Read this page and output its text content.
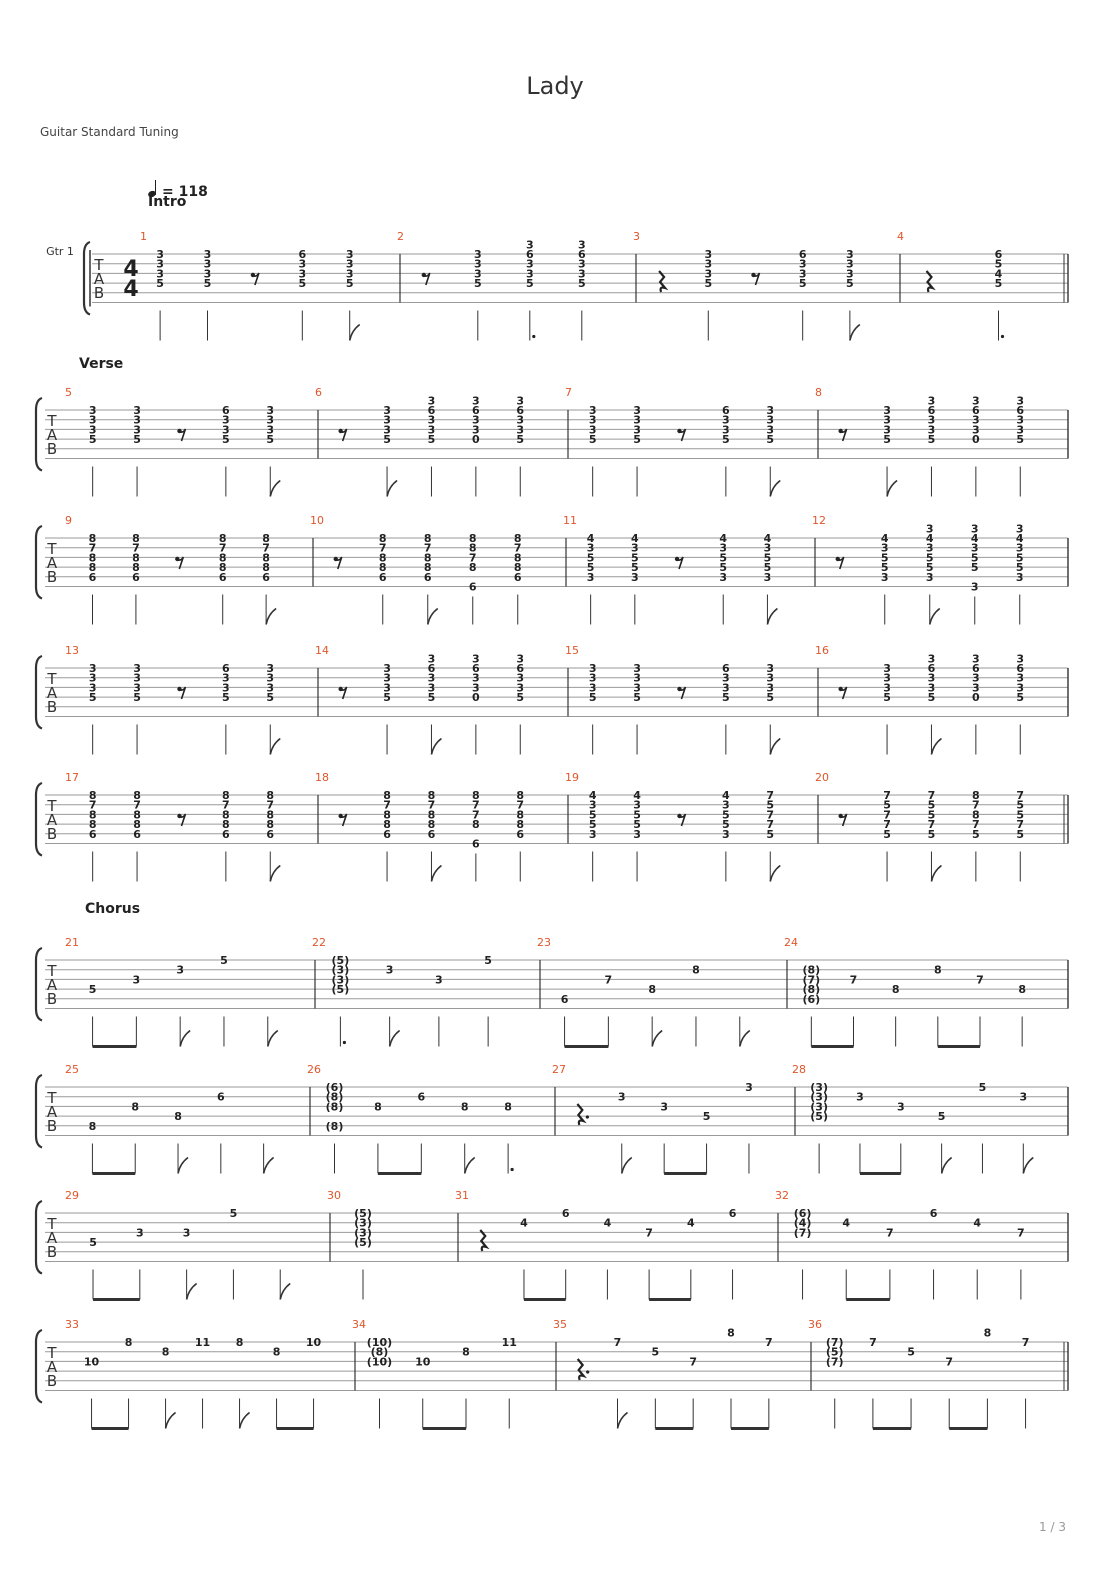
Lady
Guitar Standard Tuning
= 118
1 / 3
Intro
Verse
Chorus
Gtr 1
T
A
B
4
4
1
3
3
3
5
3
3
3
5
6
3
3
5
3
3
3
5
2
3
3
3
5
3
6
3
3
5
3
6
3
3
5
3
3
3
3
5
6
3
3
5
3
3
3
5
4
6
5
4
5
T
A
B
5
3
3
3
5
3
3
3
5
6
3
3
5
3
3
3
5
6
3
3
3
5
3
6
3
3
5
3
6
3
3
0
3
6
3
3
5
7
3
3
3
5
3
3
3
5
6
3
3
5
3
3
3
5
8
3
3
3
5
3
6
3
3
5
3
6
3
3
0
3
6
3
3
5
T
A
B
9
8
7
8
8
6
8
7
8
8
6
8
7
8
8
6
8
7
8
8
6
10
8
7
8
8
6
8
7
8
8
6
8
8
7
8
6
8
7
8
8
6
11
4
3
5
5
3
4
3
5
5
3
4
3
5
5
3
4
3
5
5
3
12
4
3
5
5
3
3
4
3
5
5
3
3
4
3
5
5
3
3
4
3
5
5
3
T
A
B
13
3
3
3
5
3
3
3
5
6
3
3
5
3
3
3
5
14
3
3
3
5
3
6
3
3
5
3
6
3
3
0
3
6
3
3
5
15
3
3
3
5
3
3
3
5
6
3
3
5
3
3
3
5
16
3
3
3
5
3
6
3
3
5
3
6
3
3
0
3
6
3
3
5
T
A
B
17
8
7
8
8
6
8
7
8
8
6
8
7
8
8
6
8
7
8
8
6
18
8
7
8
8
6
8
7
8
8
6
8
7
7
8
6
8
7
8
8
6
19
4
3
5
5
3
4
3
5
5
3
4
3
5
5
3
7
5
7
7
5
20
7
5
7
7
5
7
5
5
7
5
8
7
8
7
5
7
5
5
7
5
T
A
B
21
5
3
3
5
22
(5)
(3)
(3)
(5)
3
3
5
23
6
7
8
8
24
(8)
(7)
(8)
(6)
7
8
8
7
8
T
A
B
25
8
8
8
6
26
(6)
(8)
(8)
(8)
8
6
8	8
27
3
3
5
3
28
(3)
(3)
(3)
(5)
3
3
5
5
3
T
A
B
29
5
3	3
5
30
(5)
(3)
(3)
(5)
31
4
6
4
7
4
6
32
(6)
(4)
(7)
4
7
6
4
7
T
A
B
33
10
8
8
11 8
8
10
34
(10)
(8)
(10) 10
8
11
35
7
5
7
8
7
36
(7)
(5)
(7)
7
5
7
8
7
